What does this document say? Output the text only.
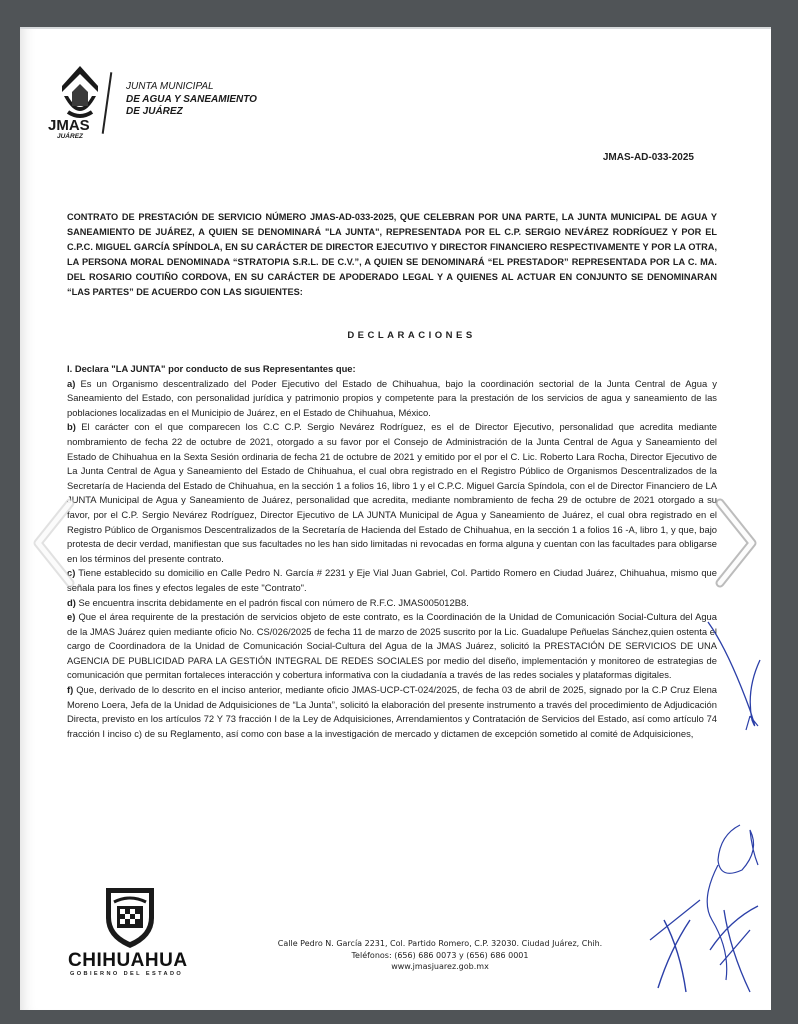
JMAS
JUÁREZ
JUNTA MUNICIPAL
DE AGUA Y SANEAMIENTO
DE JUÁREZ
JMAS-AD-033-2025
CONTRATO DE PRESTACIÓN DE SERVICIO NÚMERO JMAS-AD-033-2025, QUE CELEBRAN POR UNA PARTE, LA JUNTA MUNICIPAL DE AGUA Y SANEAMIENTO DE JUÁREZ, A QUIEN SE DENOMINARÁ "LA JUNTA", REPRESENTADA POR EL C.P. SERGIO NEVÁREZ RODRÍGUEZ Y POR EL C.P.C. MIGUEL GARCÍA SPÍNDOLA, EN SU CARÁCTER DE DIRECTOR EJECUTIVO Y DIRECTOR FINANCIERO RESPECTIVAMENTE Y POR LA OTRA, LA PERSONA MORAL DENOMINADA “STRATOPIA S.R.L. DE C.V.”, A QUIEN SE DENOMINARÁ “EL PRESTADOR” REPRESENTADA POR LA C. MA. DEL ROSARIO COUTIÑO CORDOVA, EN SU CARÁCTER DE APODERADO LEGAL Y A QUIENES AL ACTUAR EN CONJUNTO SE DENOMINARAN “LAS PARTES” DE ACUERDO CON LAS SIGUIENTES:
DECLARACIONES

I. Declara "LA JUNTA" por conducto de sus Representantes que:

a) Es un Organismo descentralizado del Poder Ejecutivo del Estado de Chihuahua, bajo la coordinación sectorial de la Junta Central de Agua y Saneamiento del Estado, con personalidad jurídica y patrimonio propios y competente para la prestación de los servicios de agua y saneamiento de las poblaciones localizadas en el Municipio de Juárez, en el Estado de Chihuahua, México.

b) El carácter con el que comparecen los C.C C.P. Sergio Nevárez Rodríguez, es el de Director Ejecutivo, personalidad que acredita mediante nombramiento de fecha 22 de octubre de 2021, otorgado a su favor por el Consejo de Administración de la Junta Central de Agua y Saneamiento del Estado de Chihuahua en la Sexta Sesión ordinaria de fecha 21 de octubre de 2021 y emitido por el por el C. Lic. Roberto Lara Rocha, Director Ejecutivo de La Junta Central de Agua y Saneamiento del Estado de Chihuahua, el cual obra registrado en el Registro Público de Organismos Descentralizados de la Secretaría de Hacienda del Estado de Chihuahua, en la sección 1 a folios 16, libro 1 y el C.P.C. Miguel García Spíndola, con el de Director Financiero de LA JUNTA Municipal de Agua y Saneamiento de Juárez, personalidad que acredita, mediante nombramiento de fecha 29 de octubre de 2021 otorgado a su favor, por el C.P. Sergio Nevárez Rodríguez, Director Ejecutivo de LA JUNTA Municipal de Agua y Saneamiento de Juárez, el cual obra registrado en el Registro Público de Organismos Descentralizados de la Secretaría de Hacienda del Estado de Chihuahua, en la sección 1 a folios 16 -A, libro 1, y que, bajo protesta de decir verdad, manifiestan que sus facultades no les han sido limitadas ni revocadas en forma alguna y cuentan con las facultades para obligarse en los términos del presente contrato.

c) Tiene establecido su domicilio en Calle Pedro N. García # 2231 y Eje Vial Juan Gabriel, Col. Partido Romero en Ciudad Juárez, Chihuahua, mismo que señala para los fines y efectos legales de este "Contrato".

d) Se encuentra inscrita debidamente en el padrón fiscal con número de R.F.C. JMAS005012B8.

e) Que el área requirente de la prestación de servicios objeto de este contrato, es la Coordinación de la Unidad de Comunicación Social-Cultura del Agua de la JMAS Juárez quien mediante oficio No. CS/026/2025 de fecha 11 de marzo de 2025 suscrito por la Lic. Guadalupe Peñuelas Sánchez,quien ostenta el cargo de Coordinadora de la Unidad de Comunicación Social-Cultura del Agua de la JMAS Juárez, solicitó la PRESTACIÓN DE SERVICIOS DE UNA AGENCIA DE PUBLICIDAD PARA LA GESTIÓN INTEGRAL DE REDES SOCIALES por medio del diseño, implementación y monitoreo de estrategias de comunicación que permitan fortaleces interacción y cobertura informativa con la ciudadanía a través de las redes sociales y plataformas digitales.

f) Que, derivado de lo descrito en el inciso anterior, mediante oficio JMAS-UCP-CT-024/2025, de fecha 03 de abril de 2025, signado por la C.P Cruz Elena Moreno Loera, Jefa de la Unidad de Adquisiciones de “La Junta”, solicitó la elaboración del presente instrumento a través del procedimiento de Adjudicación Directa, previsto en los artículos 72 Y 73 fracción I de la Ley de Adquisiciones, Arrendamientos y Contratación de Servicios del Estado, así como artículo 74 fracción I inciso c) de su Reglamento, así como con base a la investigación de mercado y dictamen de excepción sometido al comité de Adquisiciones,

CHIHUAHUA
GOBIERNO DEL ESTADO
Calle Pedro N. García 2231, Col. Partido Romero, C.P. 32030. Ciudad Juárez, Chih.
Teléfonos: (656) 686 0073 y (656) 686 0001
www.jmasjuarez.gob.mx
